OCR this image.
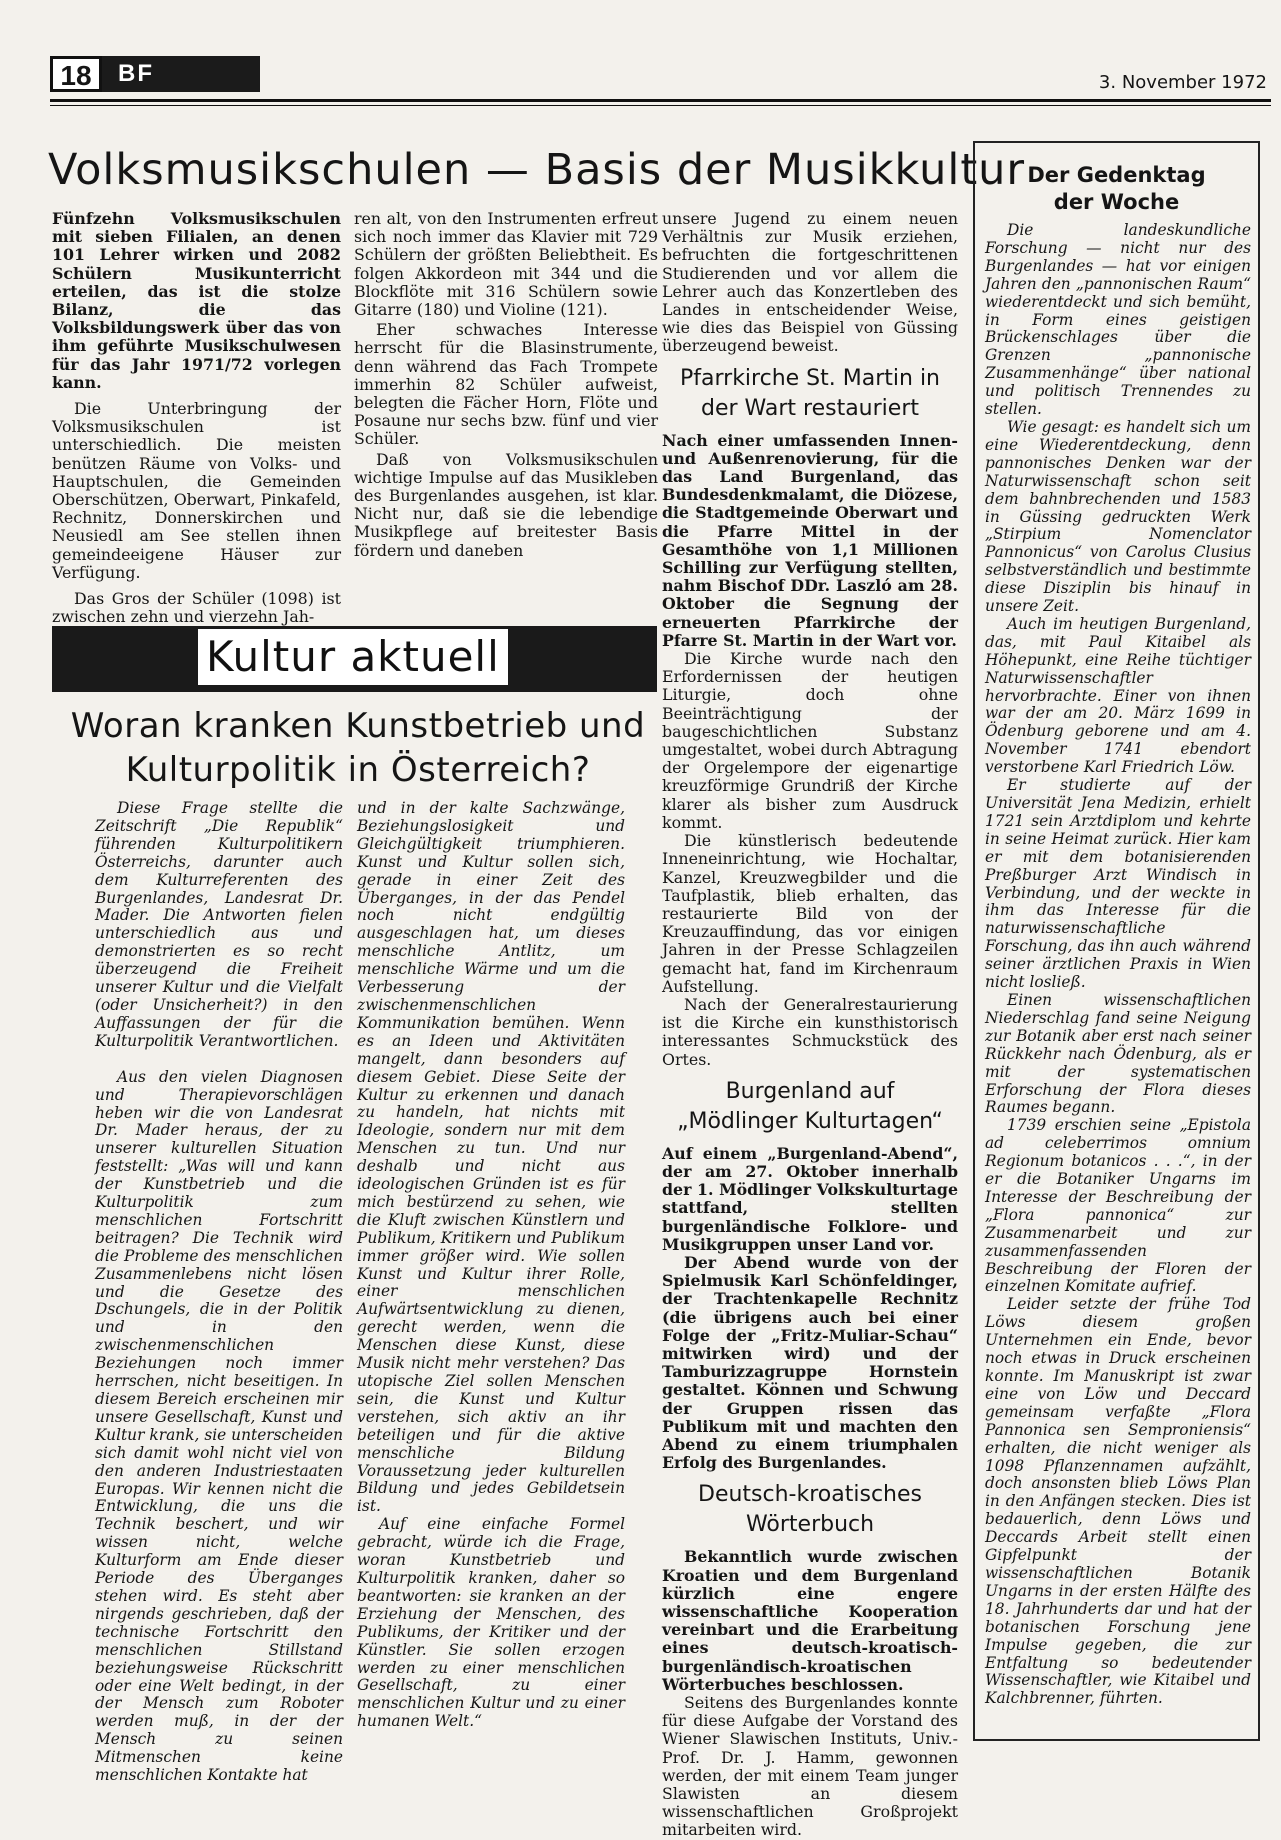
18	BF	3. November 1972
Volksmusikschulen — Basis der Musikkultur

Fünfzehn Volksmusikschulen mit sieben Filialen, an denen 101 Lehrer wirken und 2082 Schülern Musikunterricht erteilen, das ist die stolze Bilanz, die das Volksbildungswerk über das von ihm geführte Musikschulwesen für das Jahr 1971/72 vorlegen kann.

Die Unterbringung der Volksmusikschulen ist unterschiedlich. Die meisten benützen Räume von Volks- und Hauptschulen, die Gemeinden Oberschützen, Oberwart, Pinkafeld, Rechnitz, Donnerskirchen und Neusiedl am See stellen ihnen gemeindeeigene Häuser zur Verfügung.

Das Gros der Schüler (1098) ist zwischen zehn und vierzehn Jah-

ren alt, von den Instrumenten erfreut sich noch immer das Klavier mit 729 Schülern der größten Beliebtheit. Es folgen Akkordeon mit 344 und die Blockflöte mit 316 Schülern sowie Gitarre (180) und Violine (121).

Eher schwaches Interesse herrscht für die Blasinstrumente, denn während das Fach Trompete immerhin 82 Schüler aufweist, belegten die Fächer Horn, Flöte und Posaune nur sechs bzw. fünf und vier Schüler.

Daß von Volksmusikschulen wichtige Impulse auf das Musikleben des Burgenlandes ausgehen, ist klar. Nicht nur, daß sie die lebendige Musikpflege auf breitester Basis fördern und daneben

Kultur aktuell
Woran kranken Kunstbetrieb und Kulturpolitik in Österreich?

Diese Frage stellte die Zeitschrift „Die Republik“ führenden Kulturpolitikern Österreichs, darunter auch dem Kulturreferenten des Burgenlandes, Landesrat Dr. Mader. Die Antworten fielen unterschiedlich aus und demonstrierten es so recht überzeugend die Freiheit unserer Kultur und die Vielfalt (oder Unsicherheit?) in den Auffassungen der für die Kulturpolitik Verantwortlichen.

Aus den vielen Diagnosen und Therapievorschlägen heben wir die von Landesrat Dr. Mader heraus, der zu unserer kulturellen Situation feststellt: „Was will und kann der Kunstbetrieb und die Kulturpolitik zum menschlichen Fortschritt beitragen? Die Technik wird die Probleme des menschlichen Zusammenlebens nicht lösen und die Gesetze des Dschungels, die in der Politik und in den zwischenmenschlichen Beziehungen noch immer herrschen, nicht beseitigen. In diesem Bereich erscheinen mir unsere Gesellschaft, Kunst und Kultur krank, sie unterscheiden sich damit wohl nicht viel von den anderen Industriestaaten Europas. Wir kennen nicht die Entwicklung, die uns die Technik beschert, und wir wissen nicht, welche Kulturform am Ende dieser Periode des Überganges stehen wird. Es steht aber nirgends geschrieben, daß der technische Fortschritt den menschlichen Stillstand beziehungsweise Rückschritt oder eine Welt bedingt, in der der Mensch zum Roboter werden muß, in der der Mensch zu seinen Mitmenschen keine menschlichen Kontakte hat

und in der kalte Sachzwänge, Beziehungslosigkeit und Gleichgültigkeit triumphieren. Kunst und Kultur sollen sich, gerade in einer Zeit des Überganges, in der das Pendel noch nicht endgültig ausgeschlagen hat, um dieses menschliche Antlitz, um menschliche Wärme und um die Verbesserung der zwischenmenschlichen Kommunikation bemühen. Wenn es an Ideen und Aktivitäten mangelt, dann besonders auf diesem Gebiet. Diese Seite der Kultur zu erkennen und danach zu handeln, hat nichts mit Ideologie, sondern nur mit dem Menschen zu tun. Und nur deshalb und nicht aus ideologischen Gründen ist es für mich bestürzend zu sehen, wie die Kluft zwischen Künstlern und Publikum, Kritikern und Publikum immer größer wird. Wie sollen Kunst und Kultur ihrer Rolle, einer menschlichen Aufwärtsentwicklung zu dienen, gerecht werden, wenn die Menschen diese Kunst, diese Musik nicht mehr verstehen? Das utopische Ziel sollen Menschen sein, die Kunst und Kultur verstehen, sich aktiv an ihr beteiligen und für die aktive menschliche Bildung Voraussetzung jeder kulturellen Bildung und jedes Gebildetsein ist.

Auf eine einfache Formel gebracht, würde ich die Frage, woran Kunstbetrieb und Kulturpolitik kranken, daher so beantworten: sie kranken an der Erziehung der Menschen, des Publikums, der Kritiker und der Künstler. Sie sollen erzogen werden zu einer menschlichen Gesellschaft, zu einer menschlichen Kultur und zu einer humanen Welt.“

unsere Jugend zu einem neuen Verhältnis zur Musik erziehen, befruchten die fortgeschrittenen Studierenden und vor allem die Lehrer auch das Konzertleben des Landes in entscheidender Weise, wie dies das Beispiel von Güssing überzeugend beweist.

Pfarrkirche St. Martin in der Wart restauriert

Nach einer umfassenden Innen- und Außenrenovierung, für die das Land Burgenland, das Bundesdenkmalamt, die Diözese, die Stadtgemeinde Oberwart und die Pfarre Mittel in der Gesamthöhe von 1,1 Millionen Schilling zur Verfügung stellten, nahm Bischof DDr. Laszló am 28. Oktober die Segnung der erneuerten Pfarrkirche der Pfarre St. Martin in der Wart vor.

Die Kirche wurde nach den Erfordernissen der heutigen Liturgie, doch ohne Beeinträchtigung der baugeschichtlichen Substanz umgestaltet, wobei durch Abtragung der Orgelempore der eigenartige kreuzförmige Grundriß der Kirche klarer als bisher zum Ausdruck kommt.

Die künstlerisch bedeutende Inneneinrichtung, wie Hochaltar, Kanzel, Kreuzwegbilder und die Taufplastik, blieb erhalten, das restaurierte Bild von der Kreuzauffindung, das vor einigen Jahren in der Presse Schlagzeilen gemacht hat, fand im Kirchenraum Aufstellung.

Nach der Generalrestaurierung ist die Kirche ein kunsthistorisch interessantes Schmuckstück des Ortes.

Burgenland auf „Mödlinger Kulturtagen“

Auf einem „Burgenland-Abend“, der am 27. Oktober innerhalb der 1. Mödlinger Volkskulturtage stattfand, stellten burgenländische Folklore- und Musikgruppen unser Land vor.

Der Abend wurde von der Spielmusik Karl Schönfeldinger, der Trachtenkapelle Rechnitz (die übrigens auch bei einer Folge der „Fritz-Muliar-Schau“ mitwirken wird) und der Tamburizzagruppe Hornstein gestaltet. Können und Schwung der Gruppen rissen das Publikum mit und machten den Abend zu einem triumphalen Erfolg des Burgenlandes.

Deutsch-kroatisches Wörterbuch

Bekanntlich wurde zwischen Kroatien und dem Burgenland kürzlich eine engere wissenschaftliche Kooperation vereinbart und die Erarbeitung eines deutsch-kroatisch-burgenländisch-kroatischen Wörterbuches beschlossen.

Seitens des Burgenlandes konnte für diese Aufgabe der Vorstand des Wiener Slawischen Instituts, Univ.-Prof. Dr. J. Hamm, gewonnen werden, der mit einem Team junger Slawisten an diesem wissenschaftlichen Großprojekt mitarbeiten wird.

Der Gedenktag der Woche

Die landeskundliche Forschung — nicht nur des Burgenlandes — hat vor einigen Jahren den „pannonischen Raum“ wiederentdeckt und sich bemüht, in Form eines geistigen Brückenschlages über die Grenzen „pannonische Zusammenhänge“ über national und politisch Trennendes zu stellen.

Wie gesagt: es handelt sich um eine Wiederentdeckung, denn pannonisches Denken war der Naturwissenschaft schon seit dem bahnbrechenden und 1583 in Güssing gedruckten Werk „Stirpium Nomenclator Pannonicus“ von Carolus Clusius selbstverständlich und bestimmte diese Disziplin bis hinauf in unsere Zeit.

Auch im heutigen Burgenland, das, mit Paul Kitaibel als Höhepunkt, eine Reihe tüchtiger Naturwissenschaftler hervorbrachte. Einer von ihnen war der am 20. März 1699 in Ödenburg geborene und am 4. November 1741 ebendort verstorbene Karl Friedrich Löw.

Er studierte auf der Universität Jena Medizin, erhielt 1721 sein Arztdiplom und kehrte in seine Heimat zurück. Hier kam er mit dem botanisierenden Preßburger Arzt Windisch in Verbindung, und der weckte in ihm das Interesse für die naturwissenschaftliche Forschung, das ihn auch während seiner ärztlichen Praxis in Wien nicht losließ.

Einen wissenschaftlichen Niederschlag fand seine Neigung zur Botanik aber erst nach seiner Rückkehr nach Ödenburg, als er mit der systematischen Erforschung der Flora dieses Raumes begann.

1739 erschien seine „Epistola ad celeberrimos omnium Regionum botanicos . . .“, in der er die Botaniker Ungarns im Interesse der Beschreibung der „Flora pannonica“ zur Zusammenarbeit und zur zusammenfassenden Beschreibung der Floren der einzelnen Komitate aufrief.

Leider setzte der frühe Tod Löws diesem großen Unternehmen ein Ende, bevor noch etwas in Druck erscheinen konnte. Im Manuskript ist zwar eine von Löw und Deccard gemeinsam verfaßte „Flora Pannonica sen Semproniensis“ erhalten, die nicht weniger als 1098 Pflanzennamen aufzählt, doch ansonsten blieb Löws Plan in den Anfängen stecken. Dies ist bedauerlich, denn Löws und Deccards Arbeit stellt einen Gipfelpunkt der wissenschaftlichen Botanik Ungarns in der ersten Hälfte des 18. Jahrhunderts dar und hat der botanischen Forschung jene Impulse gegeben, die zur Entfaltung so bedeutender Wissenschaftler, wie Kitaibel und Kalchbrenner, führten.
